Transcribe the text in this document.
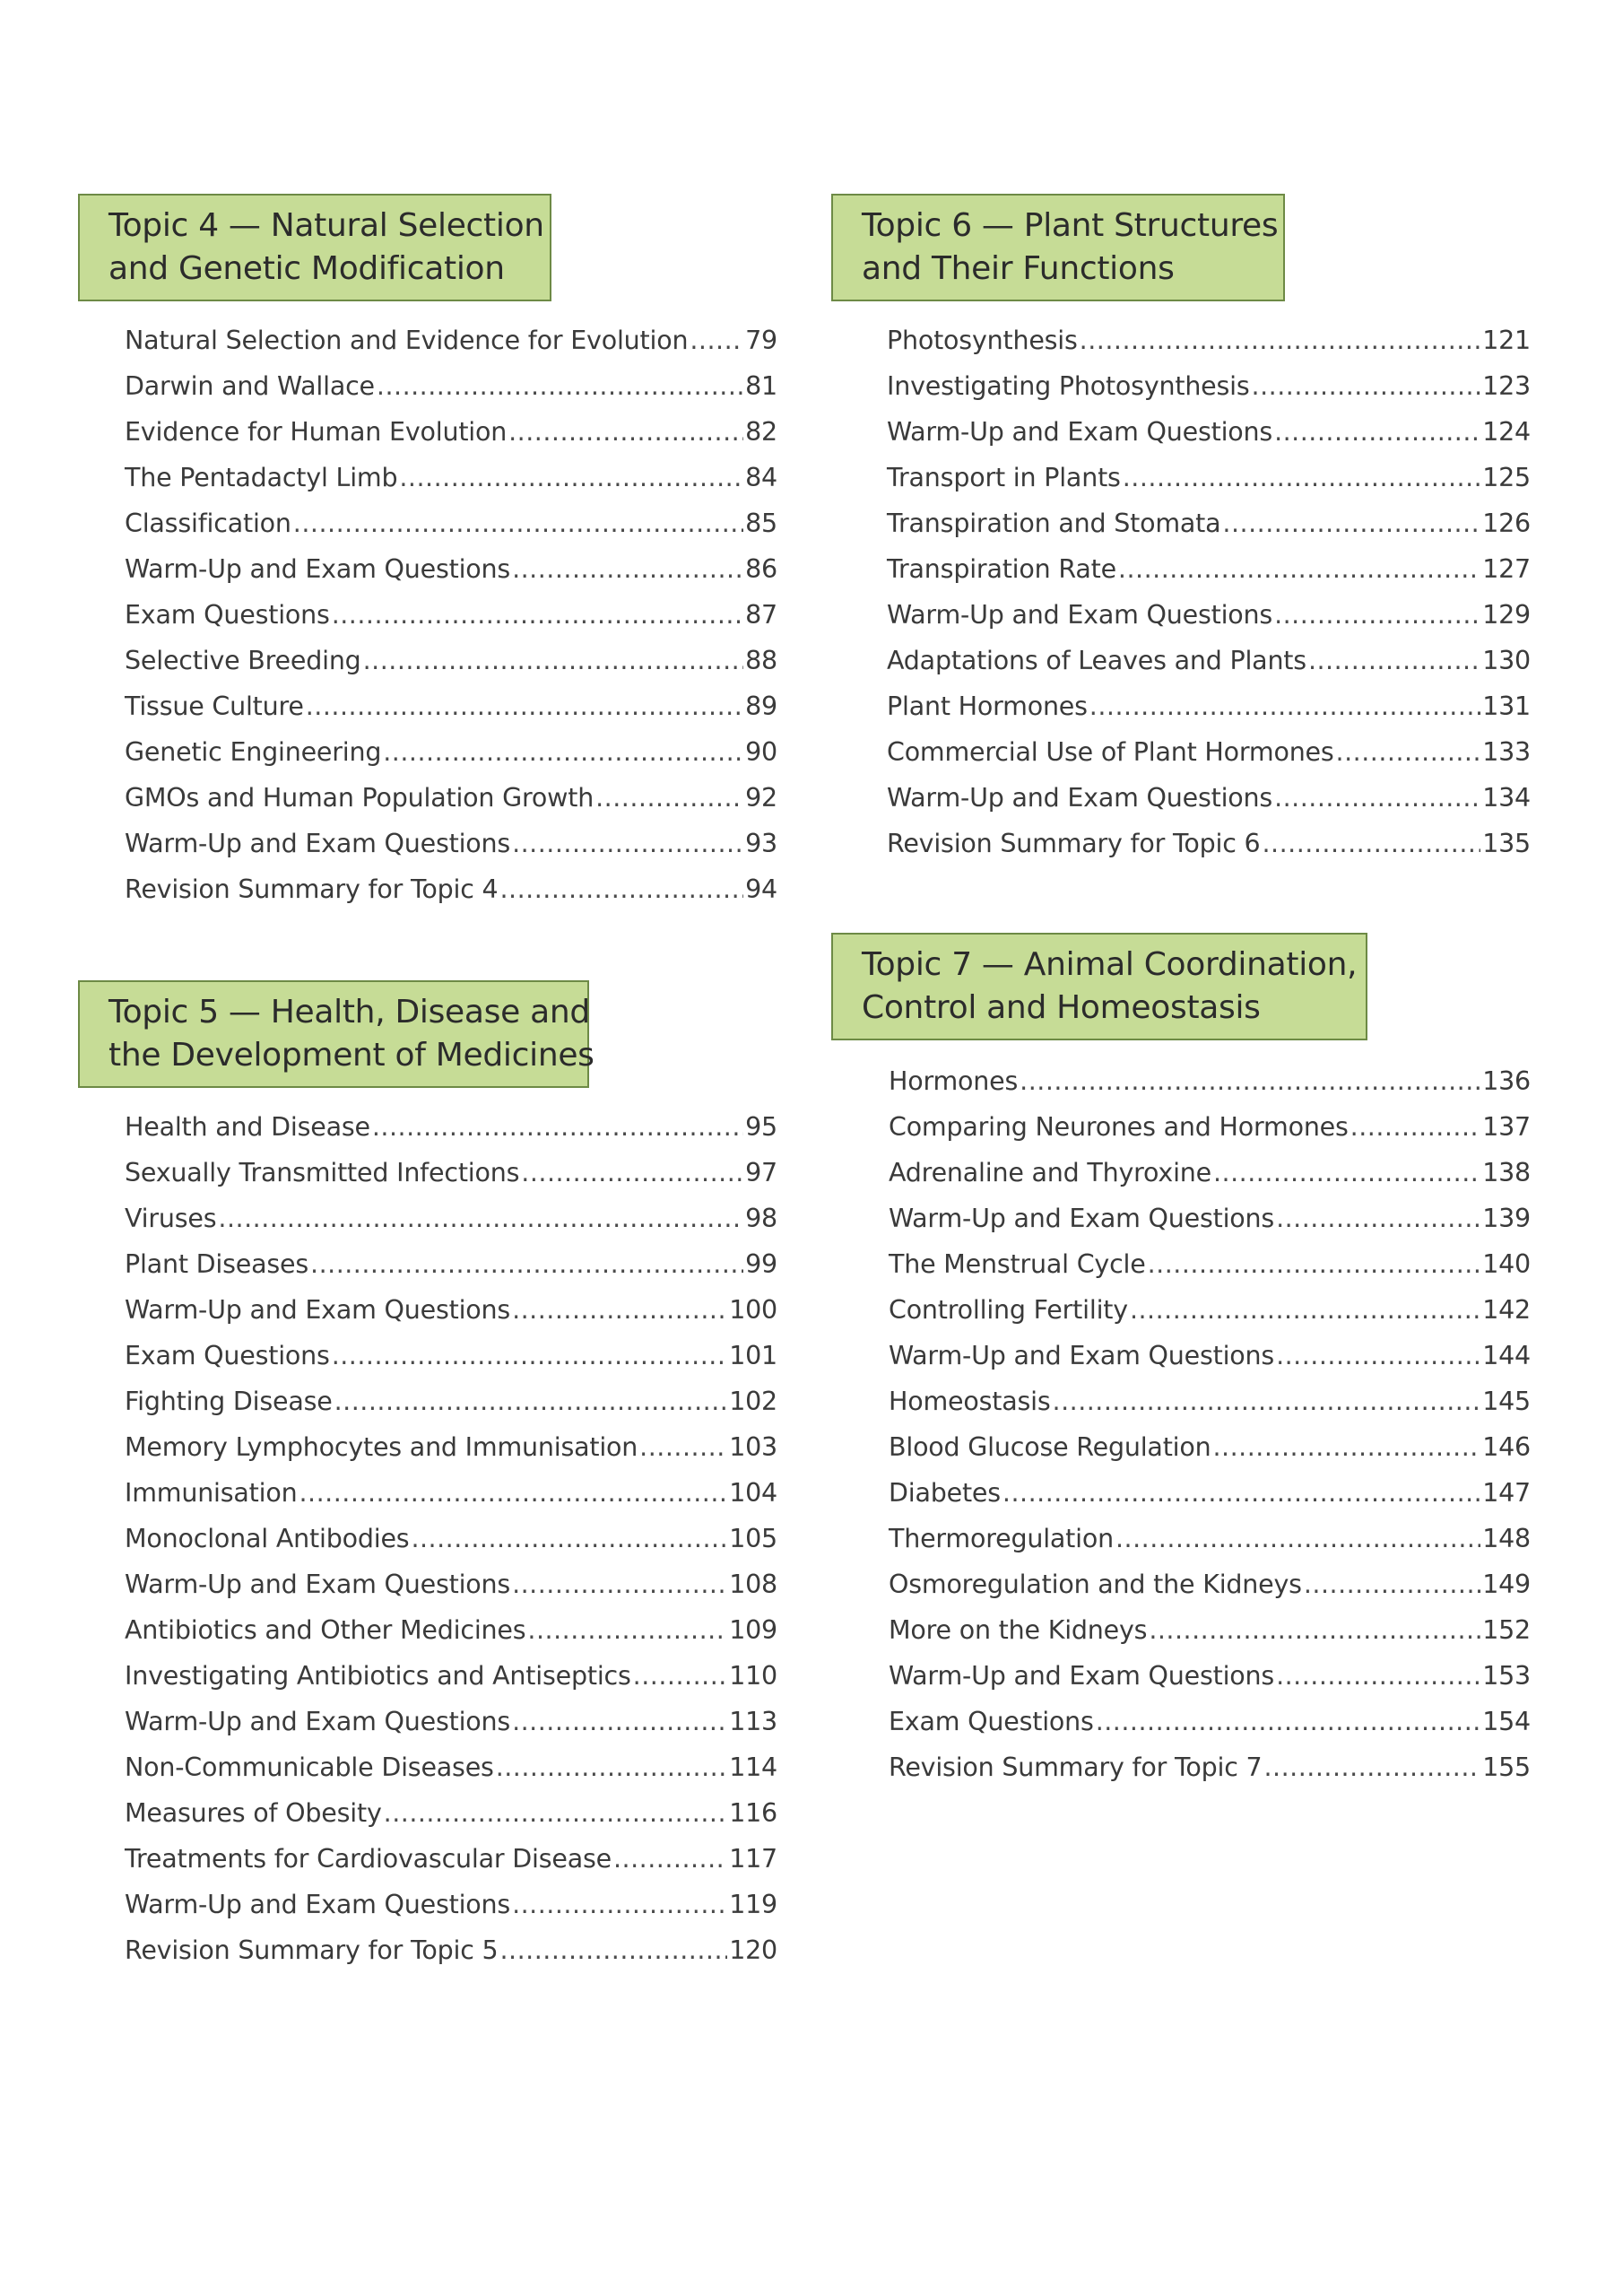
Topic 4 — Natural Selection
and Genetic Modification
Natural Selection and Evidence for Evolution ..... 79
Darwin and Wallace .....	81
Evidence for Human Evolution .....	82
The Pentadactyl Limb .....	84
Classification .....	85
Warm-Up and Exam Questions .....	86
Exam Questions .....	87
Selective Breeding .....	88
Tissue Culture .....	89
Genetic Engineering .....	90
GMOs and Human Population Growth .....	92
Warm-Up and Exam Questions .....	93
Revision Summary for Topic 4 .....	94
Topic 5 — Health, Disease and
the Development of Medicines
Health and Disease .....	95
Sexually Transmitted Infections .....	97
Viruses .....	98
Plant Diseases .....	99
Warm-Up and Exam Questions .....	100
Exam Questions .....	101
Fighting Disease .....	102
Memory Lymphocytes and Immunisation .....	103
Immunisation .....	104
Monoclonal Antibodies .....	105
Warm-Up and Exam Questions .....	108
Antibiotics and Other Medicines .....	109
Investigating Antibiotics and Antiseptics .....	110
Warm-Up and Exam Questions .....	113
Non-Communicable Diseases .....	114
Measures of Obesity .....	116
Treatments for Cardiovascular Disease .....	117
Warm-Up and Exam Questions .....	119
Revision Summary for Topic 5 .....	120
Topic 6 — Plant Structures
and Their Functions
Photosynthesis .....	121
Investigating Photosynthesis .....	123
Warm-Up and Exam Questions .....	124
Transport in Plants .....	125
Transpiration and Stomata .....	126
Transpiration Rate .....	127
Warm-Up and Exam Questions .....	129
Adaptations of Leaves and Plants .....	130
Plant Hormones .....	131
Commercial Use of Plant Hormones .....	133
Warm-Up and Exam Questions .....	134
Revision Summary for Topic 6 .....	135
Topic 7 — Animal Coordination,
Control and Homeostasis
Hormones .....	136
Comparing Neurones and Hormones .....	137
Adrenaline and Thyroxine .....	138
Warm-Up and Exam Questions .....	139
The Menstrual Cycle .....	140
Controlling Fertility .....	142
Warm-Up and Exam Questions .....	144
Homeostasis .....	145
Blood Glucose Regulation .....	146
Diabetes .....	147
Thermoregulation .....	148
Osmoregulation and the Kidneys .....	149
More on the Kidneys .....	152
Warm-Up and Exam Questions .....	153
Exam Questions .....	154
Revision Summary for Topic 7 .....	155
